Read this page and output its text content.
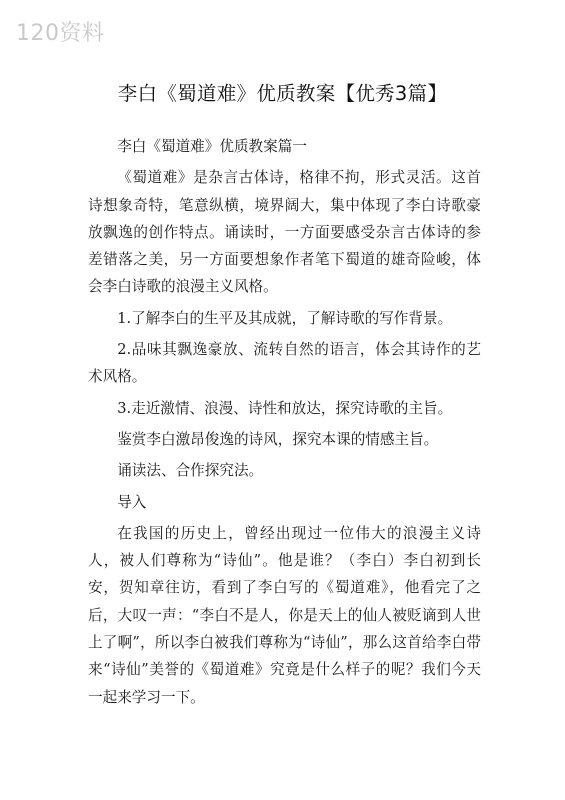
120资料
李白《蜀道难》优质教案【优秀3篇】

李白《蜀道难》优质教案篇一

《蜀道难》是杂言古体诗，格律不拘，形式灵活。这首诗想象奇特，笔意纵横，境界阔大，集中体现了李白诗歌豪放飘逸的创作特点。诵读时，一方面要感受杂言古体诗的参差错落之美，另一方面要想象作者笔下蜀道的雄奇险峻，体会李白诗歌的浪漫主义风格。

1.了解李白的生平及其成就，了解诗歌的写作背景。

2.品味其飘逸豪放、流转自然的语言，体会其诗作的艺术风格。

3.走近激情、浪漫、诗性和放达，探究诗歌的主旨。

鉴赏李白激昂俊逸的诗风，探究本课的情感主旨。

诵读法、合作探究法。

导入

在我国的历史上，曾经出现过一位伟大的浪漫主义诗人，被人们尊称为“诗仙”。他是谁？（李白）李白初到长安，贺知章往访，看到了李白写的《蜀道难》，他看完了之后，大叹一声：“李白不是人，你是天上的仙人被贬谪到人世上了啊”，所以李白被我们尊称为“诗仙”，那么这首给李白带来“诗仙”美誉的《蜀道难》究竟是什么样子的呢？我们今天一起来学习一下。
